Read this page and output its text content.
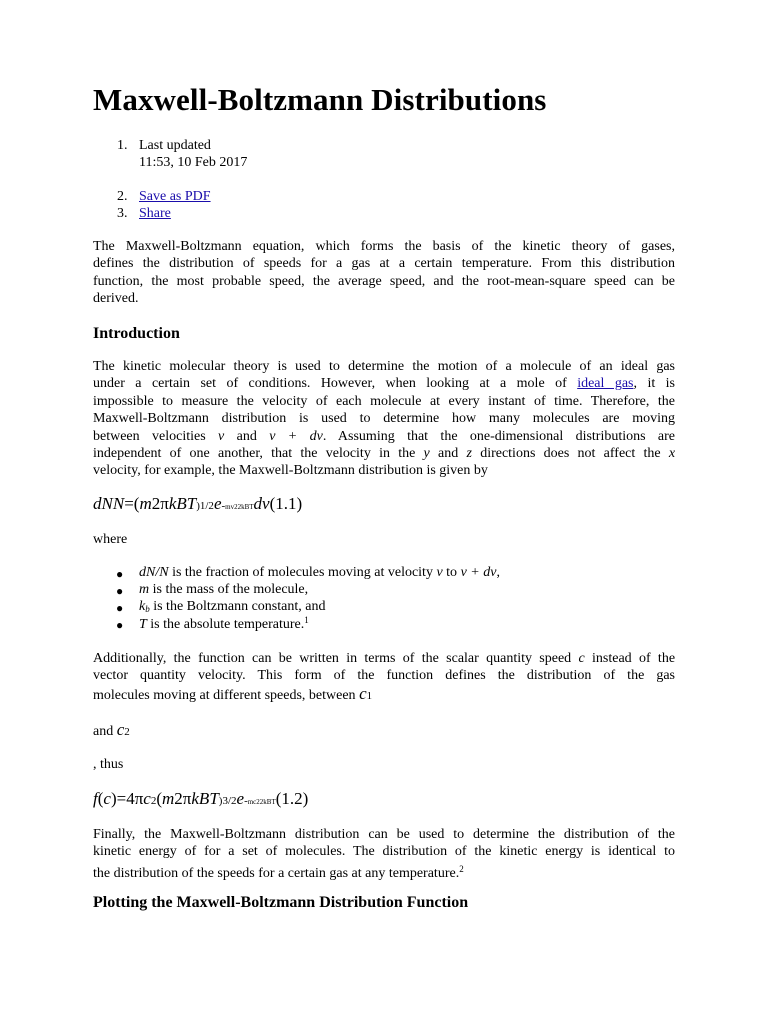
Maxwell-Boltzmann Distributions
1. Last updated
11:53, 10 Feb 2017
2. Save as PDF
3. Share
The Maxwell-Boltzmann equation, which forms the basis of the kinetic theory of gases,
defines the distribution of speeds for a gas at a certain temperature. From this distribution
function, the most probable speed, the average speed, and the root-mean-square speed can be
derived.
Introduction
The kinetic molecular theory is used to determine the motion of a molecule of an ideal gas
under a certain set of conditions. However, when looking at a mole of ideal gas, it is
impossible to measure the velocity of each molecule at every instant of time. Therefore, the
Maxwell-Boltzmann distribution is used to determine how many molecules are moving
between velocities v and v + dv. Assuming that the one-dimensional distributions are
independent of one another, that the velocity in the y and z directions does not affect the x
velocity, for example, the Maxwell-Boltzmann distribution is given by
dNN=(m2πkBT)1/2e-mv22kBTdv(1.1)
where
● dN/N is the fraction of molecules moving at velocity v to v + dv,
● m is the mass of the molecule,
● $k_b$ is the Boltzmann constant, and
● T is the absolute temperature.$^1$
Additionally, the function can be written in terms of the scalar quantity speed c instead of the
vector quantity velocity. This form of the function defines the distribution of the gas
molecules moving at different speeds, between c1
and c2
, thus
f(c)=4πc2(m2πkBT)3/2e-mc22kBT(1.2)
Finally, the Maxwell-Boltzmann distribution can be used to determine the distribution of the
kinetic energy of for a set of molecules. The distribution of the kinetic energy is identical to
the distribution of the speeds for a certain gas at any temperature.$^2$
Plotting the Maxwell-Boltzmann Distribution Function
